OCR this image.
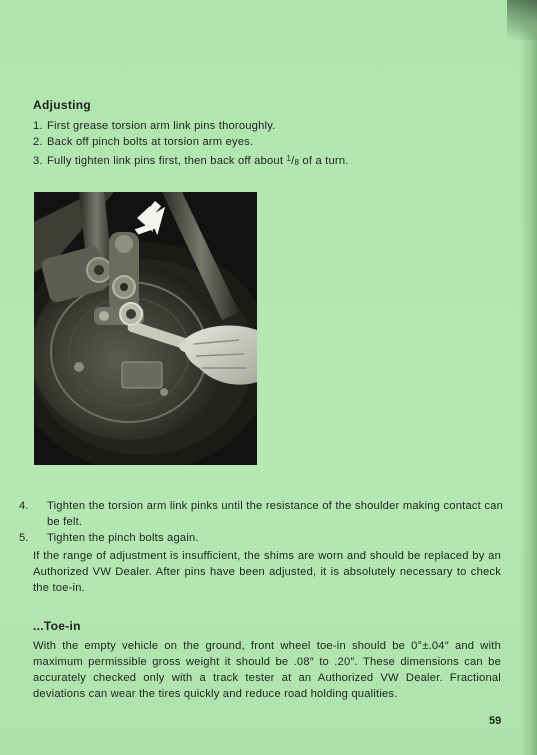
Adjusting
1. First grease torsion arm link pins thoroughly.
2. Back off pinch bolts at torsion arm eyes.
3. Fully tighten link pins first, then back off about $^1$/8 of a turn.
4. Tighten the torsion arm link pinks until the resistance of the shoulder making contact can be felt.
5. Tighten the pinch bolts again.

If the range of adjustment is insufficient, the shims are worn and should be replaced by an Authorized VW Dealer. After pins have been adjusted, it is absolutely necessary to check the toe-in.

...Toe-in

With the empty vehicle on the ground, front wheel toe-in should be 0°±.04″ and with maximum permissible gross weight it should be .08″ to .20″. These dimensions can be accurately checked only with a track tester at an Authorized VW Dealer. Fractional deviations can wear the tires quickly and reduce road holding qualities.

59
